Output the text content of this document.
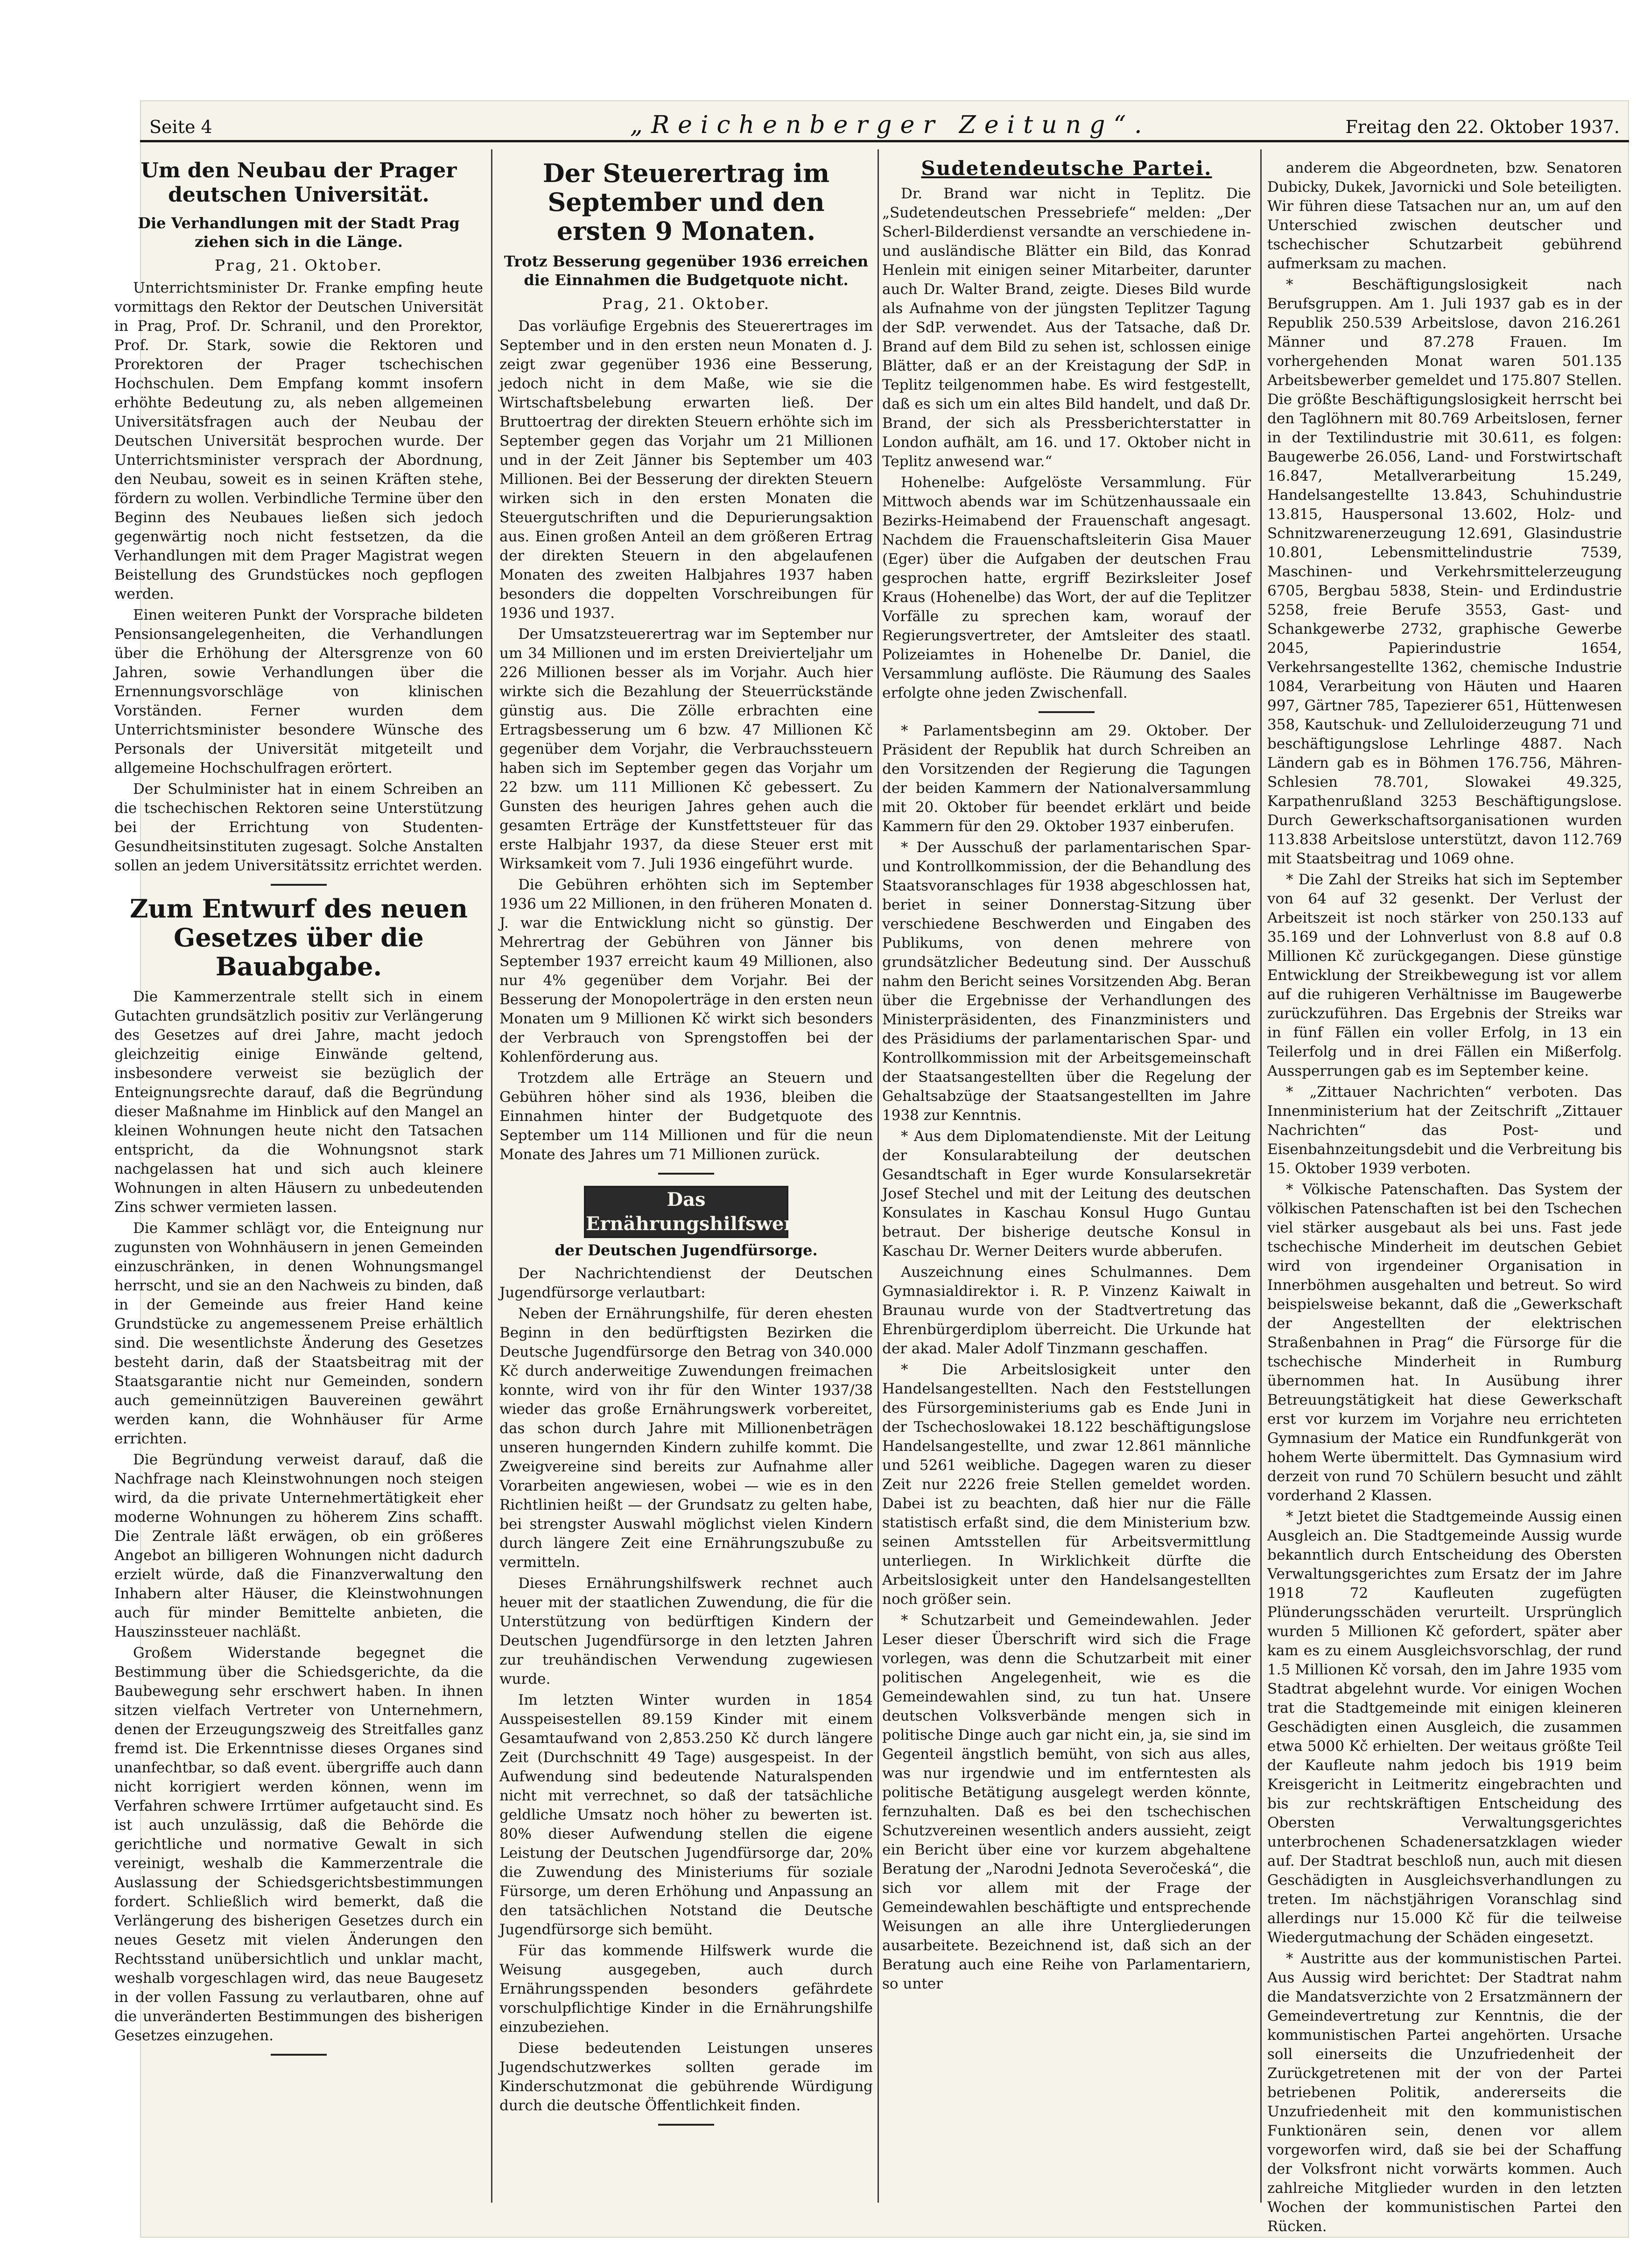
Seite 4	„Reichenberger Zeitung“.	Freitag den 22. Oktober 1937.
Um den Neubau der Prager deutschen Universität.
Die Verhandlungen mit der Stadt Prag ziehen sich in die Länge.
Prag, 21. Oktober.

Unterrichtsminister Dr. Franke empfing heute vormittags den Rektor der Deutschen Universität in Prag, Prof. Dr. Schranil, und den Prorektor, Prof. Dr. Stark, sowie die Rektoren und Prorektoren der Prager tschechischen Hochschulen. Dem Empfang kommt insofern erhöhte Bedeutung zu, als neben allgemeinen Universitätsfragen auch der Neubau der Deutschen Universität besprochen wurde. Der Unterrichtsminister versprach der Abordnung, den Neubau, soweit es in seinen Kräften stehe, fördern zu wollen. Verbindliche Termine über den Beginn des Neubaues ließen sich jedoch gegenwärtig noch nicht festsetzen, da die Verhandlungen mit dem Prager Magistrat wegen Beistellung des Grundstückes noch gepflogen werden.

Einen weiteren Punkt der Vorsprache bildeten Pensionsangelegenheiten, die Verhandlungen über die Erhöhung der Altersgrenze von 60 Jahren, sowie Verhandlungen über die Ernennungsvorschläge von klinischen Vorständen. Ferner wurden dem Unterrichtsminister besondere Wünsche des Personals der Universität mitgeteilt und allgemeine Hochschulfragen erörtert.

Der Schulminister hat in einem Schreiben an die tschechischen Rektoren seine Unterstützung bei der Errichtung von Studenten-Gesundheitsinstituten zugesagt. Solche Anstalten sollen an jedem Universitätssitz errichtet werden.

Zum Entwurf des neuen Gesetzes über die Bauabgabe.

Die Kammerzentrale stellt sich in einem Gutachten grundsätzlich positiv zur Verlängerung des Gesetzes auf drei Jahre, macht jedoch gleichzeitig einige Einwände geltend, insbesondere verweist sie bezüglich der Enteignungsrechte darauf, daß die Begründung dieser Maßnahme im Hinblick auf den Mangel an kleinen Wohnungen heute nicht den Tatsachen entspricht, da die Wohnungsnot stark nachgelassen hat und sich auch kleinere Wohnungen in alten Häusern zu unbedeutenden Zins schwer vermieten lassen.

Die Kammer schlägt vor, die Enteignung nur zugunsten von Wohnhäusern in jenen Gemeinden einzuschränken, in denen Wohnungsmangel herrscht, und sie an den Nachweis zu binden, daß in der Gemeinde aus freier Hand keine Grundstücke zu angemessenem Preise erhältlich sind. Die wesentlichste Änderung des Gesetzes besteht darin, daß der Staatsbeitrag mit der Staatsgarantie nicht nur Gemeinden, sondern auch gemeinnützigen Bauvereinen gewährt werden kann, die Wohnhäuser für Arme errichten.

Die Begründung verweist darauf, daß die Nachfrage nach Kleinstwohnungen noch steigen wird, da die private Unternehmertätigkeit eher moderne Wohnungen zu höherem Zins schafft. Die Zentrale läßt erwägen, ob ein größeres Angebot an billigeren Wohnungen nicht dadurch erzielt würde, daß die Finanzverwaltung den Inhabern alter Häuser, die Kleinstwohnungen auch für minder Bemittelte anbieten, die Hauszinssteuer nachläßt.

Großem Widerstande begegnet die Bestimmung über die Schiedsgerichte, da die Baubewegung sehr erschwert haben. In ihnen sitzen vielfach Vertreter von Unternehmern, denen der Erzeugungszweig des Streitfalles ganz fremd ist. Die Erkenntnisse dieses Organes sind unanfechtbar, so daß event. übergriffe auch dann nicht korrigiert werden können, wenn im Verfahren schwere Irrtümer aufgetaucht sind. Es ist auch unzulässig, daß die Behörde die gerichtliche und normative Gewalt in sich vereinigt, weshalb die Kammerzentrale die Auslassung der Schiedsgerichtsbestimmungen fordert. Schließlich wird bemerkt, daß die Verlängerung des bisherigen Gesetzes durch ein neues Gesetz mit vielen Änderungen den Rechtsstand unübersichtlich und unklar macht, weshalb vorgeschlagen wird, das neue Baugesetz in der vollen Fassung zu verlautbaren, ohne auf die unveränderten Bestimmungen des bisherigen Gesetzes einzugehen.

Der Steuerertrag im September und den ersten 9 Monaten.
Trotz Besserung gegenüber 1936 erreichen die Einnahmen die Budgetquote nicht.
Prag, 21. Oktober.

Das vorläufige Ergebnis des Steuerertrages im September und in den ersten neun Monaten d. J. zeigt zwar gegenüber 1936 eine Besserung, jedoch nicht in dem Maße, wie sie die Wirtschaftsbelebung erwarten ließ. Der Bruttoertrag der direkten Steuern erhöhte sich im September gegen das Vorjahr um 21 Millionen und in der Zeit Jänner bis September um 403 Millionen. Bei der Besserung der direkten Steuern wirken sich in den ersten Monaten die Steuergutschriften und die Depurierungsaktion aus. Einen großen Anteil an dem größeren Ertrag der direkten Steuern in den abgelaufenen Monaten des zweiten Halbjahres 1937 haben besonders die doppelten Vorschreibungen für 1936 und 1937.

Der Umsatzsteuerertrag war im September nur um 34 Millionen und im ersten Dreivierteljahr um 226 Millionen besser als im Vorjahr. Auch hier wirkte sich die Bezahlung der Steuerrückstände günstig aus. Die Zölle erbrachten eine Ertragsbesserung um 6 bzw. 47 Millionen Kč gegenüber dem Vorjahr, die Verbrauchssteuern haben sich im September gegen das Vorjahr um 22 bzw. um 111 Millionen Kč gebessert. Zu Gunsten des heurigen Jahres gehen auch die gesamten Erträge der Kunstfettsteuer für das erste Halbjahr 1937, da diese Steuer erst mit Wirksamkeit vom 7. Juli 1936 eingeführt wurde.

Die Gebühren erhöhten sich im September 1936 um 22 Millionen, in den früheren Monaten d. J. war die Entwicklung nicht so günstig. Der Mehrertrag der Gebühren von Jänner bis September 1937 erreicht kaum 49 Millionen, also nur 4% gegenüber dem Vorjahr. Bei der Besserung der Monopolerträge in den ersten neun Monaten um 9 Millionen Kč wirkt sich besonders der Verbrauch von Sprengstoffen bei der Kohlenförderung aus.

Trotzdem alle Erträge an Steuern und Gebühren höher sind als 1936, bleiben die Einnahmen hinter der Budgetquote des September um 114 Millionen und für die neun Monate des Jahres um 71 Millionen zurück.

Das Ernährungshilfswerk
der Deutschen Jugendfürsorge.

Der Nachrichtendienst der Deutschen Jugendfürsorge verlautbart:

Neben der Ernährungshilfe, für deren ehesten Beginn in den bedürftigsten Bezirken die Deutsche Jugendfürsorge den Betrag von 340.000 Kč durch anderweitige Zuwendungen freimachen konnte, wird von ihr für den Winter 1937/38 wieder das große Ernährungswerk vorbereitet, das schon durch Jahre mit Millionenbeträgen unseren hungernden Kindern zuhilfe kommt. Die Zweigvereine sind bereits zur Aufnahme aller Vorarbeiten angewiesen, wobei — wie es in den Richtlinien heißt — der Grundsatz zu gelten habe, bei strengster Auswahl möglichst vielen Kindern durch längere Zeit eine Ernährungszubuße zu vermitteln.

Dieses Ernährungshilfswerk rechnet auch heuer mit der staatlichen Zuwendung, die für die Unterstützung von bedürftigen Kindern der Deutschen Jugendfürsorge in den letzten Jahren zur treuhändischen Verwendung zugewiesen wurde.

Im letzten Winter wurden in 1854 Ausspeisestellen 89.159 Kinder mit einem Gesamtaufwand von 2,853.250 Kč durch längere Zeit (Durchschnitt 49 Tage) ausgespeist. In der Aufwendung sind bedeutende Naturalspenden nicht mit verrechnet, so daß der tatsächliche geldliche Umsatz noch höher zu bewerten ist. 80% dieser Aufwendung stellen die eigene Leistung der Deutschen Jugendfürsorge dar, 20% die Zuwendung des Ministeriums für soziale Fürsorge, um deren Erhöhung und Anpassung an den tatsächlichen Notstand die Deutsche Jugendfürsorge sich bemüht.

Für das kommende Hilfswerk wurde die Weisung ausgegeben, auch durch Ernährungsspenden besonders gefährdete vorschulpflichtige Kinder in die Ernährungshilfe einzubeziehen.

Diese bedeutenden Leistungen unseres Jugendschutzwerkes sollten gerade im Kinderschutzmonat die gebührende Würdigung durch die deutsche Öffentlichkeit finden.

Sudetendeutsche Partei.

Dr. Brand war nicht in Teplitz. Die „Sudetendeutschen Pressebriefe“ melden: „Der Scherl-Bilderdienst versandte an verschiedene in- und ausländische Blätter ein Bild, das Konrad Henlein mit einigen seiner Mitarbeiter, darunter auch Dr. Walter Brand, zeigte. Dieses Bild wurde als Aufnahme von der jüngsten Teplitzer Tagung der SdP. verwendet. Aus der Tatsache, daß Dr. Brand auf dem Bild zu sehen ist, schlossen einige Blätter, daß er an der Kreistagung der SdP. in Teplitz teilgenommen habe. Es wird festgestellt, daß es sich um ein altes Bild handelt, und daß Dr. Brand, der sich als Pressberichterstatter in London aufhält, am 16. und 17. Oktober nicht in Teplitz anwesend war.“

Hohenelbe: Aufgelöste Versammlung. Für Mittwoch abends war im Schützenhaussaale ein Bezirks-Heimabend der Frauenschaft angesagt. Nachdem die Frauenschaftsleiterin Gisa Mauer (Eger) über die Aufgaben der deutschen Frau gesprochen hatte, ergriff Bezirksleiter Josef Kraus (Hohenelbe) das Wort, der auf die Teplitzer Vorfälle zu sprechen kam, worauf der Regierungsvertreter, der Amtsleiter des staatl. Polizeiamtes in Hohenelbe Dr. Daniel, die Versammlung auflöste. Die Räumung des Saales erfolgte ohne jeden Zwischenfall.

* Parlamentsbeginn am 29. Oktober. Der Präsident der Republik hat durch Schreiben an den Vorsitzenden der Regierung die Tagungen der beiden Kammern der Nationalversammlung mit 20. Oktober für beendet erklärt und beide Kammern für den 29. Oktober 1937 einberufen.

* Der Ausschuß der parlamentarischen Spar- und Kontrollkommission, der die Behandlung des Staatsvoranschlages für 1938 abgeschlossen hat, beriet in seiner Donnerstag-Sitzung über verschiedene Beschwerden und Eingaben des Publikums, von denen mehrere von grundsätzlicher Bedeutung sind. Der Ausschuß nahm den Bericht seines Vorsitzenden Abg. Beran über die Ergebnisse der Verhandlungen des Ministerpräsidenten, des Finanzministers und des Präsidiums der parlamentarischen Spar- und Kontrollkommission mit der Arbeitsgemeinschaft der Staatsangestellten über die Regelung der Gehaltsabzüge der Staatsangestellten im Jahre 1938 zur Kenntnis.

* Aus dem Diplomatendienste. Mit der Leitung der Konsularabteilung der deutschen Gesandtschaft in Eger wurde Konsularsekretär Josef Stechel und mit der Leitung des deutschen Konsulates in Kaschau Konsul Hugo Guntau betraut. Der bisherige deutsche Konsul in Kaschau Dr. Werner Deiters wurde abberufen.

Auszeichnung eines Schulmannes. Dem Gymnasialdirektor i. R. P. Vinzenz Kaiwalt in Braunau wurde von der Stadtvertretung das Ehrenbürgerdiplom überreicht. Die Urkunde hat der akad. Maler Adolf Tinzmann geschaffen.

* Die Arbeitslosigkeit unter den Handelsangestellten. Nach den Feststellungen des Fürsorgeministeriums gab es Ende Juni in der Tschechoslowakei 18.122 beschäftigungslose Handelsangestellte, und zwar 12.861 männliche und 5261 weibliche. Dagegen waren zu dieser Zeit nur 2226 freie Stellen gemeldet worden. Dabei ist zu beachten, daß hier nur die Fälle statistisch erfaßt sind, die dem Ministerium bzw. seinen Amtsstellen für Arbeitsvermittlung unterliegen. In Wirklichkeit dürfte die Arbeitslosigkeit unter den Handelsangestellten noch größer sein.

* Schutzarbeit und Gemeindewahlen. Jeder Leser dieser Überschrift wird sich die Frage vorlegen, was denn die Schutzarbeit mit einer politischen Angelegenheit, wie es die Gemeindewahlen sind, zu tun hat. Unsere deutschen Volksverbände mengen sich in politische Dinge auch gar nicht ein, ja, sie sind im Gegenteil ängstlich bemüht, von sich aus alles, was nur irgendwie und im entferntesten als politische Betätigung ausgelegt werden könnte, fernzuhalten. Daß es bei den tschechischen Schutzvereinen wesentlich anders aussieht, zeigt ein Bericht über eine vor kurzem abgehaltene Beratung der „Narodni Jednota Severočeská“, die sich vor allem mit der Frage der Gemeindewahlen beschäftigte und entsprechende Weisungen an alle ihre Untergliederungen ausarbeitete. Bezeichnend ist, daß sich an der Beratung auch eine Reihe von Parlamentariern, so unter

anderem die Abgeordneten, bzw. Senatoren Dubicky, Dukek, Javornicki und Sole beteiligten. Wir führen diese Tatsachen nur an, um auf den Unterschied zwischen deutscher und tschechischer Schutzarbeit gebührend aufmerksam zu machen.

* Beschäftigungslosigkeit nach Berufsgruppen. Am 1. Juli 1937 gab es in der Republik 250.539 Arbeitslose, davon 216.261 Männer und 87.278 Frauen. Im vorhergehenden Monat waren 501.135 Arbeitsbewerber gemeldet und 175.807 Stellen. Die größte Beschäftigungslosigkeit herrscht bei den Taglöhnern mit 80.769 Arbeitslosen, ferner in der Textilindustrie mit 30.611, es folgen: Baugewerbe 26.056, Land- und Forstwirtschaft 16.847, Metallverarbeitung 15.249, Handelsangestellte 13.843, Schuhindustrie 13.815, Hauspersonal 13.602, Holz- und Schnitzwarenerzeugung 12.691, Glasindustrie 10.801, Lebensmittelindustrie 7539, Maschinen- und Verkehrsmittelerzeugung 6705, Bergbau 5838, Stein- und Erdindustrie 5258, freie Berufe 3553, Gast- und Schankgewerbe 2732, graphische Gewerbe 2045, Papierindustrie 1654, Verkehrsangestellte 1362, chemische Industrie 1084, Verarbeitung von Häuten und Haaren 997, Gärtner 785, Tapezierer 651, Hüttenwesen 358, Kautschuk- und Zelluloiderzeugung 71 und beschäftigungslose Lehrlinge 4887. Nach Ländern gab es in Böhmen 176.756, Mähren-Schlesien 78.701, Slowakei 49.325, Karpathenrußland 3253 Beschäftigungslose. Durch Gewerkschaftsorganisationen wurden 113.838 Arbeitslose unterstützt, davon 112.769 mit Staatsbeitrag und 1069 ohne.

* Die Zahl der Streiks hat sich im September von 64 auf 32 gesenkt. Der Verlust der Arbeitszeit ist noch stärker von 250.133 auf 35.169 und der Lohnverlust von 8.8 auf 0.8 Millionen Kč zurückgegangen. Diese günstige Entwicklung der Streikbewegung ist vor allem auf die ruhigeren Verhältnisse im Baugewerbe zurückzuführen. Das Ergebnis der Streiks war in fünf Fällen ein voller Erfolg, in 13 ein Teilerfolg und in drei Fällen ein Mißerfolg. Aussperrungen gab es im September keine.

* „Zittauer Nachrichten“ verboten. Das Innenministerium hat der Zeitschrift „Zittauer Nachrichten“ das Post- und Eisenbahnzeitungsdebit und die Verbreitung bis 15. Oktober 1939 verboten.

* Völkische Patenschaften. Das System der völkischen Patenschaften ist bei den Tschechen viel stärker ausgebaut als bei uns. Fast jede tschechische Minderheit im deutschen Gebiet wird von irgendeiner Organisation in Innerböhmen ausgehalten und betreut. So wird beispielsweise bekannt, daß die „Gewerkschaft der Angestellten der elektrischen Straßenbahnen in Prag“ die Fürsorge für die tschechische Minderheit in Rumburg übernommen hat. In Ausübung ihrer Betreuungstätigkeit hat diese Gewerkschaft erst vor kurzem im Vorjahre neu errichteten Gymnasium der Matice ein Rundfunkgerät von hohem Werte übermittelt. Das Gymnasium wird derzeit von rund 70 Schülern besucht und zählt vorderhand 2 Klassen.

* Jetzt bietet die Stadtgemeinde Aussig einen Ausgleich an. Die Stadtgemeinde Aussig wurde bekanntlich durch Entscheidung des Obersten Verwaltungsgerichtes zum Ersatz der im Jahre 1918 72 Kaufleuten zugefügten Plünderungsschäden verurteilt. Ursprünglich wurden 5 Millionen Kč gefordert, später aber kam es zu einem Ausgleichsvorschlag, der rund 1.5 Millionen Kč vorsah, den im Jahre 1935 vom Stadtrat abgelehnt wurde. Vor einigen Wochen trat die Stadtgemeinde mit einigen kleineren Geschädigten einen Ausgleich, die zusammen etwa 5000 Kč erhielten. Der weitaus größte Teil der Kaufleute nahm jedoch bis 1919 beim Kreisgericht in Leitmeritz eingebrachten und bis zur rechtskräftigen Entscheidung des Obersten Verwaltungsgerichtes unterbrochenen Schadenersatzklagen wieder auf. Der Stadtrat beschloß nun, auch mit diesen Geschädigten in Ausgleichsverhandlungen zu treten. Im nächstjährigen Voranschlag sind allerdings nur 15.000 Kč für die teilweise Wiedergutmachung der Schäden eingesetzt.

* Austritte aus der kommunistischen Partei. Aus Aussig wird berichtet: Der Stadtrat nahm die Mandatsverzichte von 2 Ersatzmännern der Gemeindevertretung zur Kenntnis, die der kommunistischen Partei angehörten. Ursache soll einerseits die Unzufriedenheit der Zurückgetretenen mit der von der Partei betriebenen Politik, andererseits die Unzufriedenheit mit den kommunistischen Funktionären sein, denen vor allem vorgeworfen wird, daß sie bei der Schaffung der Volksfront nicht vorwärts kommen. Auch zahlreiche Mitglieder wurden in den letzten Wochen der kommunistischen Partei den Rücken.
